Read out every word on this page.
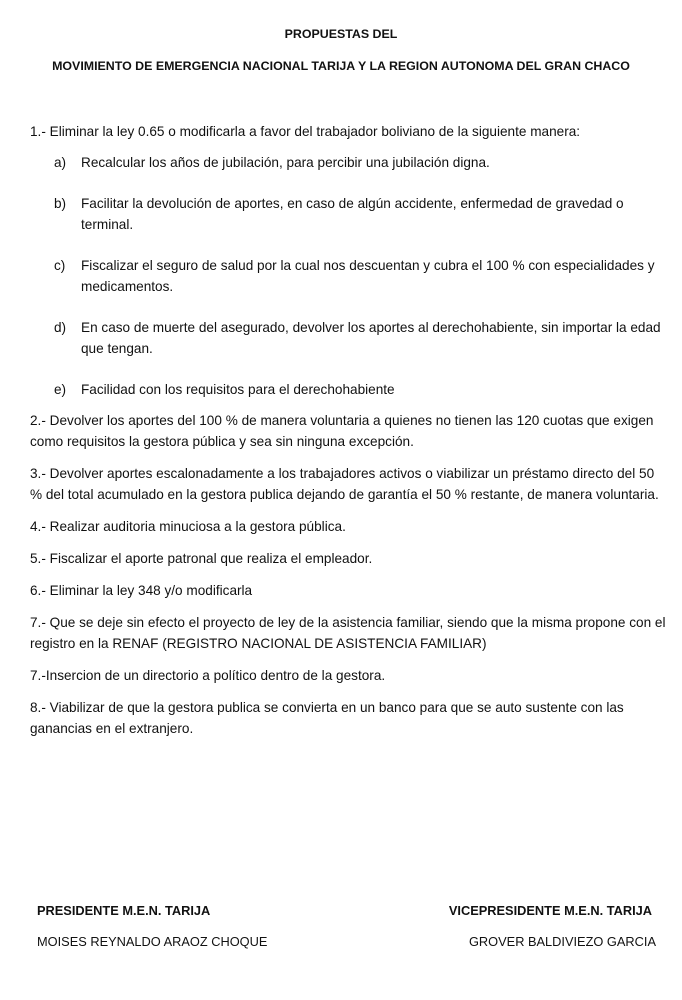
PROPUESTAS DEL
MOVIMIENTO DE EMERGENCIA NACIONAL TARIJA Y LA REGION AUTONOMA DEL GRAN CHACO

1.- Eliminar la ley 0.65 o modificarla a favor del trabajador boliviano de la siguiente manera:

a) Recalcular los años de jubilación, para percibir una jubilación digna.
b) Facilitar la devolución de aportes, en caso de algún accidente, enfermedad de gravedad o terminal.
c) Fiscalizar el seguro de salud por la cual nos descuentan y cubra el 100 % con especialidades y medicamentos.
d) En caso de muerte del asegurado, devolver los aportes al derechohabiente, sin importar la edad que tengan.
e) Facilidad con los requisitos para el derechohabiente

2.- Devolver los aportes del 100 % de manera voluntaria a quienes no tienen las 120 cuotas que exigen como requisitos la gestora pública y sea sin ninguna excepción.

3.- Devolver aportes escalonadamente a los trabajadores activos o viabilizar un préstamo directo del 50 % del total acumulado en la gestora publica dejando de garantía el 50 % restante, de manera voluntaria.

4.- Realizar auditoria minuciosa a la gestora pública.

5.- Fiscalizar el aporte patronal que realiza el empleador.

6.- Eliminar la ley 348 y/o modificarla

7.- Que se deje sin efecto el proyecto de ley de la asistencia familiar, siendo que la misma propone con el registro en la RENAF (REGISTRO NACIONAL DE ASISTENCIA FAMILIAR)

7.-Insercion de un directorio a político dentro de la gestora.

8.- Viabilizar de que la gestora publica se convierta en un banco para que se auto sustente con las ganancias en el extranjero.

PRESIDENTE M.E.N. TARIJA

MOISES REYNALDO ARAOZ CHOQUE

VICEPRESIDENTE M.E.N. TARIJA

GROVER BALDIVIEZO GARCIA
